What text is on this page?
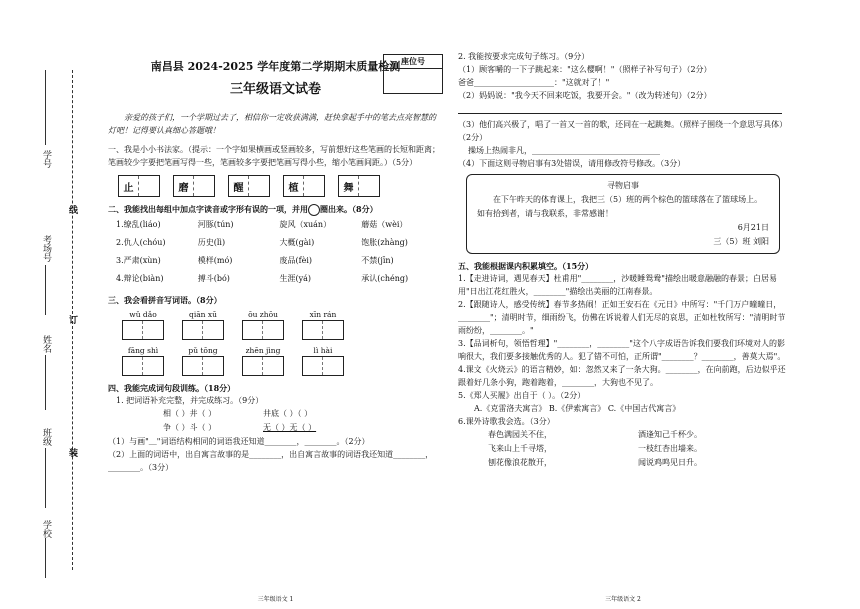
学号
线
考场号
订
姓名
班级
装
学校
座位号
南昌县 2024-2025 学年度第二学期期末质量检测
三年级语文试卷
亲爱的孩子们，一个学期过去了，相信你一定收获满满，赶快拿起手中的笔去点亮智慧的灯吧！记得要认真细心答题哦！
一、我是小小书法家。（提示：一个字如果横画或竖画较多，写前想好这些笔画的长短和距离；笔画较少字要把笔画写得一些，笔画较多字要把笔画写得小些，缩小笔画间距。）（5分）
止	磨	醒	植	舞
二、我能找出每组中加点字读音或字形有误的一项，并用 圈出来。（8分）
1.缭乱(liáo)	河豚(tún)	旋风（xuán）	蘑菇（wèi）
2.仇人(chóu)	历史(lì)	大概(gài)	饱胀(zhàng)
3.严肃(xùn)	模样(mó)	废品(fèi)	不禁(jīn)
4.辩论(biàn)	搏斗(bó)	生涯(yá)	承认(chéng)
三、我会看拼音写词语。（8分）
wǔ dǎo	qiān xū	ōu zhōu	xīn rán
fāng shì	pǔ tōng	zhēn jìng	lì hài
四、我能完成词句段训练。（18分）
1. 把词语补充完整，并完成练习。（9分）
相（ ）井（ ）	井底（ ）（ ）
争（ ）斗（ ）	无（ ）无（ ）
（1）与画"＿"词语结构相同的词语我还知道________，________。（2分）
（2）上面的词语中，出自寓言故事的是________，出自寓言故事的词语我还知道________，________。（3分）
三年级语文 1
2. 我能按要求完成句子练习。（9分）
（1）顾客嚼的一下子跳起来："这么樱啊！"（照样子补写句子）（2分）
爸爸____________________："这就对了！"
（2）妈妈说："我今天不回来吃饭，我要开会。"（改为转述句）（2分）
（3）他们高兴极了，唱了一首又一首的歌，还同在一起跳舞。（照样子围绕一个意思写具体）（2分）
操场上热闹非凡，________________________________
（4）下面这则寻物启事有3处错误，请用修改符号修改。（3分）
寻物启事
在下午昨天的体育课上，我把三（5）班的两个棕色的篮球落在了篮球场上。如有拾到者，请与我联系，非常感谢！
6月21日
三（5）班 刘阳
五、我能根据课内积累填空。（15分）
1.【走进诗词，遇见春天】杜甫用"________，沙暖睡鸳鸯"描绘出暖意融融的春景；白居易用"日出江花红胜火，________"描绘出美丽的江南春景。
2.【跟随诗人，感受传统】春节多热闹！正如王安石在《元日》中所写："千门万户曈曈日，________"；清明时节，细雨纷飞，仿佛在诉说着人们无尽的哀思，正如杜牧所写："清明时节雨纷纷，________。"
3.【品词析句，领悟哲理】"________，________"这个八字成语告诉我们要我们环境对人的影响很大，我们要多接触优秀的人。犯了错不可怕，正所谓"________？________，善莫大焉"。
4.课文《火烧云》的语言精妙，如：忽然又来了一条大狗。________，在向前跑，后边似乎还跟着好几条小狗，跑着跑着，________，大狗也不见了。
5.《郑人买履》出自于（ ）。（2分）
A.《克雷洛夫寓言》 B.《伊索寓言》 C.《中国古代寓言》
6.课外诗歌我会选。（3分）
春色满园关不住，	酒逢知己千杯少。
飞来山上千寻塔，	一枝红杏出墙来。
刨花像浪花散开，	闻说鸡鸣见日升。
三年级语文 2
